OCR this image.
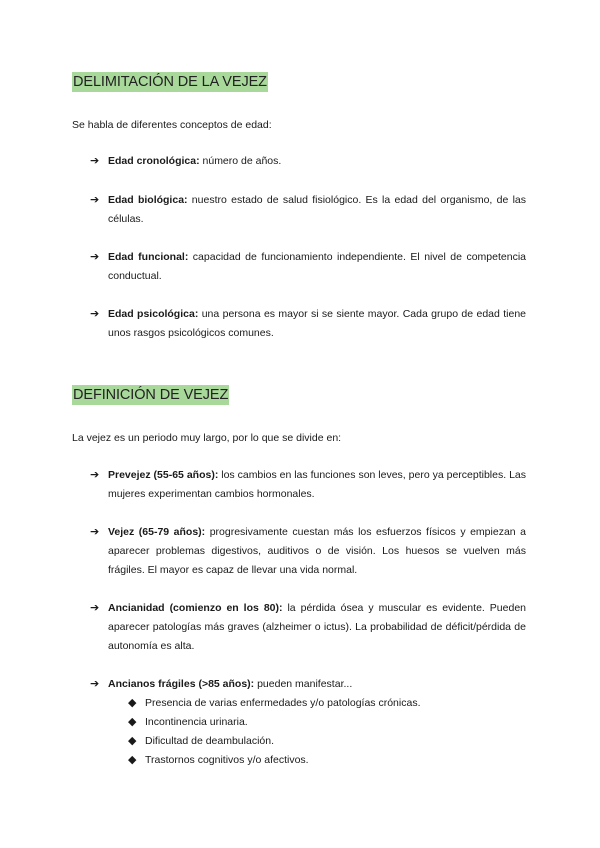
DELIMITACIÓN DE LA VEJEZ
Se habla de diferentes conceptos de edad:
➔ Edad cronológica: número de años.
➔ Edad biológica: nuestro estado de salud fisiológico. Es la edad del organismo, de las células.
➔ Edad funcional: capacidad de funcionamiento independiente. El nivel de competencia conductual.
➔ Edad psicológica: una persona es mayor si se siente mayor. Cada grupo de edad tiene unos rasgos psicológicos comunes.
DEFINICIÓN DE VEJEZ
La vejez es un periodo muy largo, por lo que se divide en:
➔ Prevejez (55-65 años): los cambios en las funciones son leves, pero ya perceptibles. Las mujeres experimentan cambios hormonales.
➔ Vejez (65-79 años): progresivamente cuestan más los esfuerzos físicos y empiezan a aparecer problemas digestivos, auditivos o de visión. Los huesos se vuelven más frágiles. El mayor es capaz de llevar una vida normal.
➔ Ancianidad (comienzo en los 80): la pérdida ósea y muscular es evidente. Pueden aparecer patologías más graves (alzheimer o ictus). La probabilidad de déficit/pérdida de autonomía es alta.
➔ Ancianos frágiles (>85 años): pueden manifestar...
◆ Presencia de varias enfermedades y/o patologías crónicas.
◆ Incontinencia urinaria.
◆ Dificultad de deambulación.
◆ Trastornos cognitivos y/o afectivos.
